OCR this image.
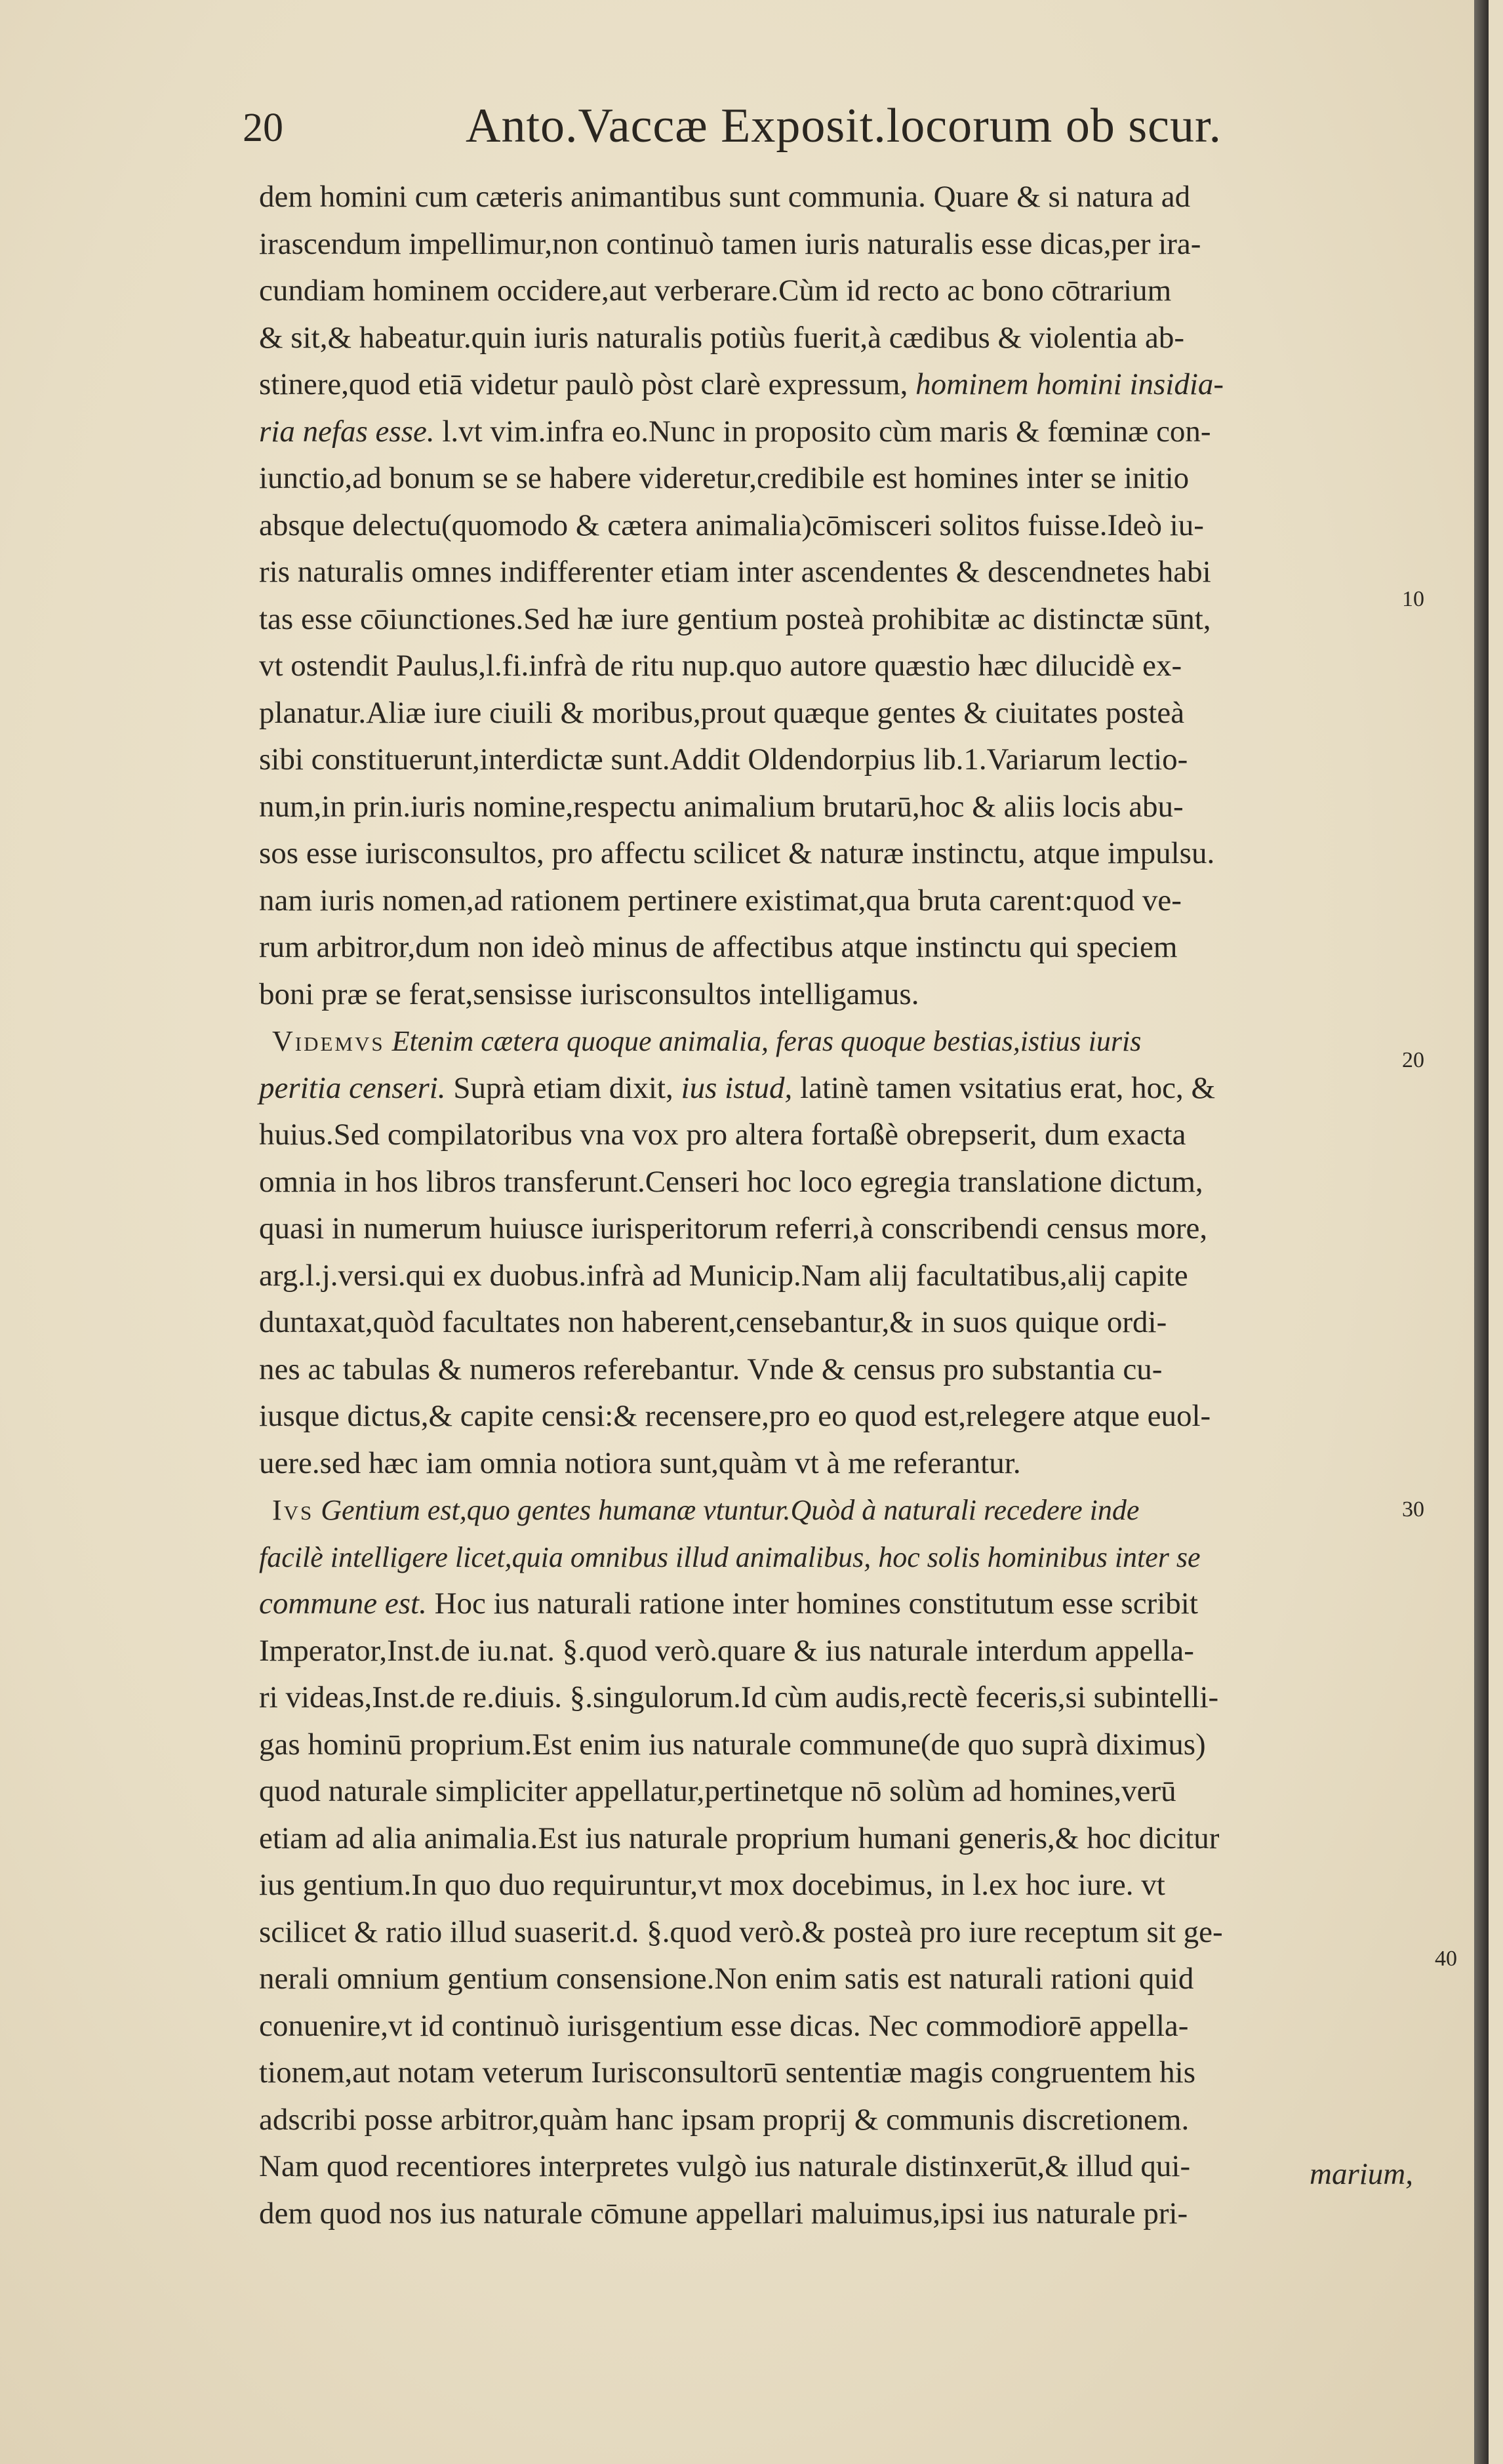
20	Anto.Vaccæ Exposit.locorum ob scur.
dem homini cum cæteris animantibus sunt communia. Quare & si natura ad
irascendum impellimur,non continuò tamen iuris naturalis esse dicas,per ira-
cundiam hominem occidere,aut verberare.Cùm id recto ac bono cōtrarium
& sit,& habeatur.quin iuris naturalis potiùs fuerit,à cædibus & violentia ab-
stinere,quod etiā videtur paulò pòst clarè expressum, hominem homini insidia-
ria nefas esse. l.vt vim.infra eo.Nunc in proposito cùm maris & fœminæ con-
iunctio,ad bonum se se habere videretur,credibile est homines inter se initio
absque delectu(quomodo & cætera animalia)cōmisceri solitos fuisse.Ideò iu-
ris naturalis omnes indifferenter etiam inter ascendentes & descendnetes habi
tas esse cōiunctiones.Sed hæ iure gentium posteà prohibitæ ac distinctæ sūnt,
vt ostendit Paulus,l.fi.infrà de ritu nup.quo autore quæstio hæc dilucidè ex-
planatur.Aliæ iure ciuili & moribus,prout quæque gentes & ciuitates posteà
sibi constituerunt,interdictæ sunt.Addit Oldendorpius lib.1.Variarum lectio-
num,in prin.iuris nomine,respectu animalium brutarū,hoc & aliis locis abu-
sos esse iurisconsultos, pro affectu scilicet & naturæ instinctu, atque impulsu.
nam iuris nomen,ad rationem pertinere existimat,qua bruta carent:quod ve-
rum arbitror,dum non ideò minus de affectibus atque instinctu qui speciem
boni præ se ferat,sensisse iurisconsultos intelligamus.
Videmvs Etenim cætera quoque animalia, feras quoque bestias,istius iuris
peritia censeri. Suprà etiam dixit, ius istud, latinè tamen vsitatius erat, hoc, &
huius.Sed compilatoribus vna vox pro altera fortaßè obrepserit, dum exacta
omnia in hos libros transferunt.Censeri hoc loco egregia translatione dictum,
quasi in numerum huiusce iurisperitorum referri,à conscribendi census more,
arg.l.j.versi.qui ex duobus.infrà ad Municip.Nam alij facultatibus,alij capite
duntaxat,quòd facultates non haberent,censebantur,& in suos quique ordi-
nes ac tabulas & numeros referebantur. Vnde & census pro substantia cu-
iusque dictus,& capite censi:& recensere,pro eo quod est,relegere atque euol-
uere.sed hæc iam omnia notiora sunt,quàm vt à me referantur.
Ivs Gentium est,quo gentes humanæ vtuntur.Quòd à naturali recedere inde
facilè intelligere licet,quia omnibus illud animalibus, hoc solis hominibus inter se
commune est. Hoc ius naturali ratione inter homines constitutum esse scribit
Imperator,Inst.de iu.nat. §.quod verò.quare & ius naturale interdum appella-
ri videas,Inst.de re.diuis. §.singulorum.Id cùm audis,rectè feceris,si subintelli-
gas hominū proprium.Est enim ius naturale commune(de quo suprà diximus)
quod naturale simpliciter appellatur,pertinetque nō solùm ad homines,verū
etiam ad alia animalia.Est ius naturale proprium humani generis,& hoc dicitur
ius gentium.In quo duo requiruntur,vt mox docebimus, in l.ex hoc iure. vt
scilicet & ratio illud suaserit.d. §.quod verò.& posteà pro iure receptum sit ge-
nerali omnium gentium consensione.Non enim satis est naturali rationi quid
conuenire,vt id continuò iurisgentium esse dicas. Nec commodiorē appella-
tionem,aut notam veterum Iurisconsultorū sententiæ magis congruentem his
adscribi posse arbitror,quàm hanc ipsam proprij & communis discretionem.
Nam quod recentiores interpretes vulgò ius naturale distinxerūt,& illud qui-
dem quod nos ius naturale cōmune appellari maluimus,ipsi ius naturale pri-
marium,
10
20
30
40
